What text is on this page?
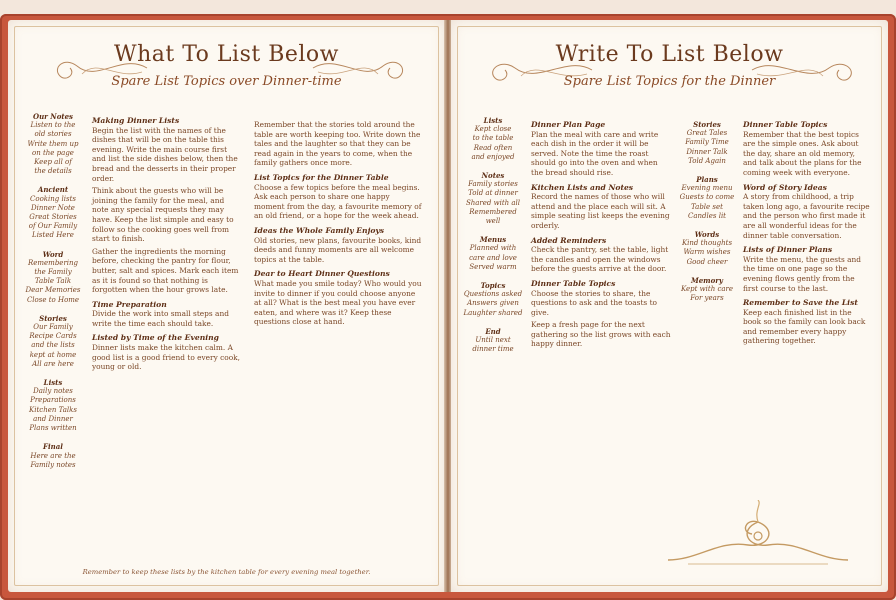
What To List Below
Spare List Topics over Dinner-time
Our Notes
Listen to the
old stories
Write them up
on the page
Keep all of
the details
Ancient
Cooking lists
Dinner Note
Great Stories
of Our Family
Listed Here
Word
Remembering
the Family
Table Talk
Dear Memories
Close to Home
Stories
Our Family
Recipe Cards
and the lists
kept at home
All are here
Lists
Daily notes
Preparations
Kitchen Talks
and Dinner
Plans written
Final
Here are the
Family notes
Making Dinner Lists
Begin the list with the names of the dishes that will be on the table this evening. Write the main course first and list the side dishes below, then the bread and the desserts in their proper order.
Think about the guests who will be joining the family for the meal, and note any special requests they may have. Keep the list simple and easy to follow so the cooking goes well from start to finish.
Gather the ingredients the morning before, checking the pantry for flour, butter, salt and spices. Mark each item as it is found so that nothing is forgotten when the hour grows late.
Time Preparation
Divide the work into small steps and write the time each should take.
Listed by Time of the Evening
Dinner lists make the kitchen calm. A good list is a good friend to every cook, young or old.
Remember that the stories told around the table are worth keeping too. Write down the tales and the laughter so that they can be read again in the years to come, when the family gathers once more.
List Topics for the Dinner Table
Choose a few topics before the meal begins. Ask each person to share one happy moment from the day, a favourite memory of an old friend, or a hope for the week ahead.
Ideas the Whole Family Enjoys
Old stories, new plans, favourite books, kind deeds and funny moments are all welcome topics at the table.
Dear to Heart Dinner Questions
What made you smile today? Who would you invite to dinner if you could choose anyone at all? What is the best meal you have ever eaten, and where was it? Keep these questions close at hand.
Remember to keep these lists by the kitchen table for every evening meal together.
Write To List Below
Spare List Topics for the Dinner
Lists
Kept close
to the table
Read often
and enjoyed
Notes
Family stories
Told at dinner
Shared with all
Remembered well
Menus
Planned with
care and love
Served warm
Topics
Questions asked
Answers given
Laughter shared
End
Until next
dinner time
Dinner Plan Page
Plan the meal with care and write each dish in the order it will be served. Note the time the roast should go into the oven and when the bread should rise.
Kitchen Lists and Notes
Record the names of those who will attend and the place each will sit. A simple seating list keeps the evening orderly.
Added Reminders
Check the pantry, set the table, light the candles and open the windows before the guests arrive at the door.
Dinner Table Topics
Choose the stories to share, the questions to ask and the toasts to give.
Keep a fresh page for the next gathering so the list grows with each happy dinner.
Stories
Great Tales
Family Time
Dinner Talk
Told Again
Plans
Evening menu
Guests to come
Table set
Candles lit
Words
Kind thoughts
Warm wishes
Good cheer
Memory
Kept with care
For years
Dinner Table Topics
Remember that the best topics are the simple ones. Ask about the day, share an old memory, and talk about the plans for the coming week with everyone.
Word of Story Ideas
A story from childhood, a trip taken long ago, a favourite recipe and the person who first made it are all wonderful ideas for the dinner table conversation.
Lists of Dinner Plans
Write the menu, the guests and the time on one page so the evening flows gently from the first course to the last.
Remember to Save the List
Keep each finished list in the book so the family can look back and remember every happy gathering together.
